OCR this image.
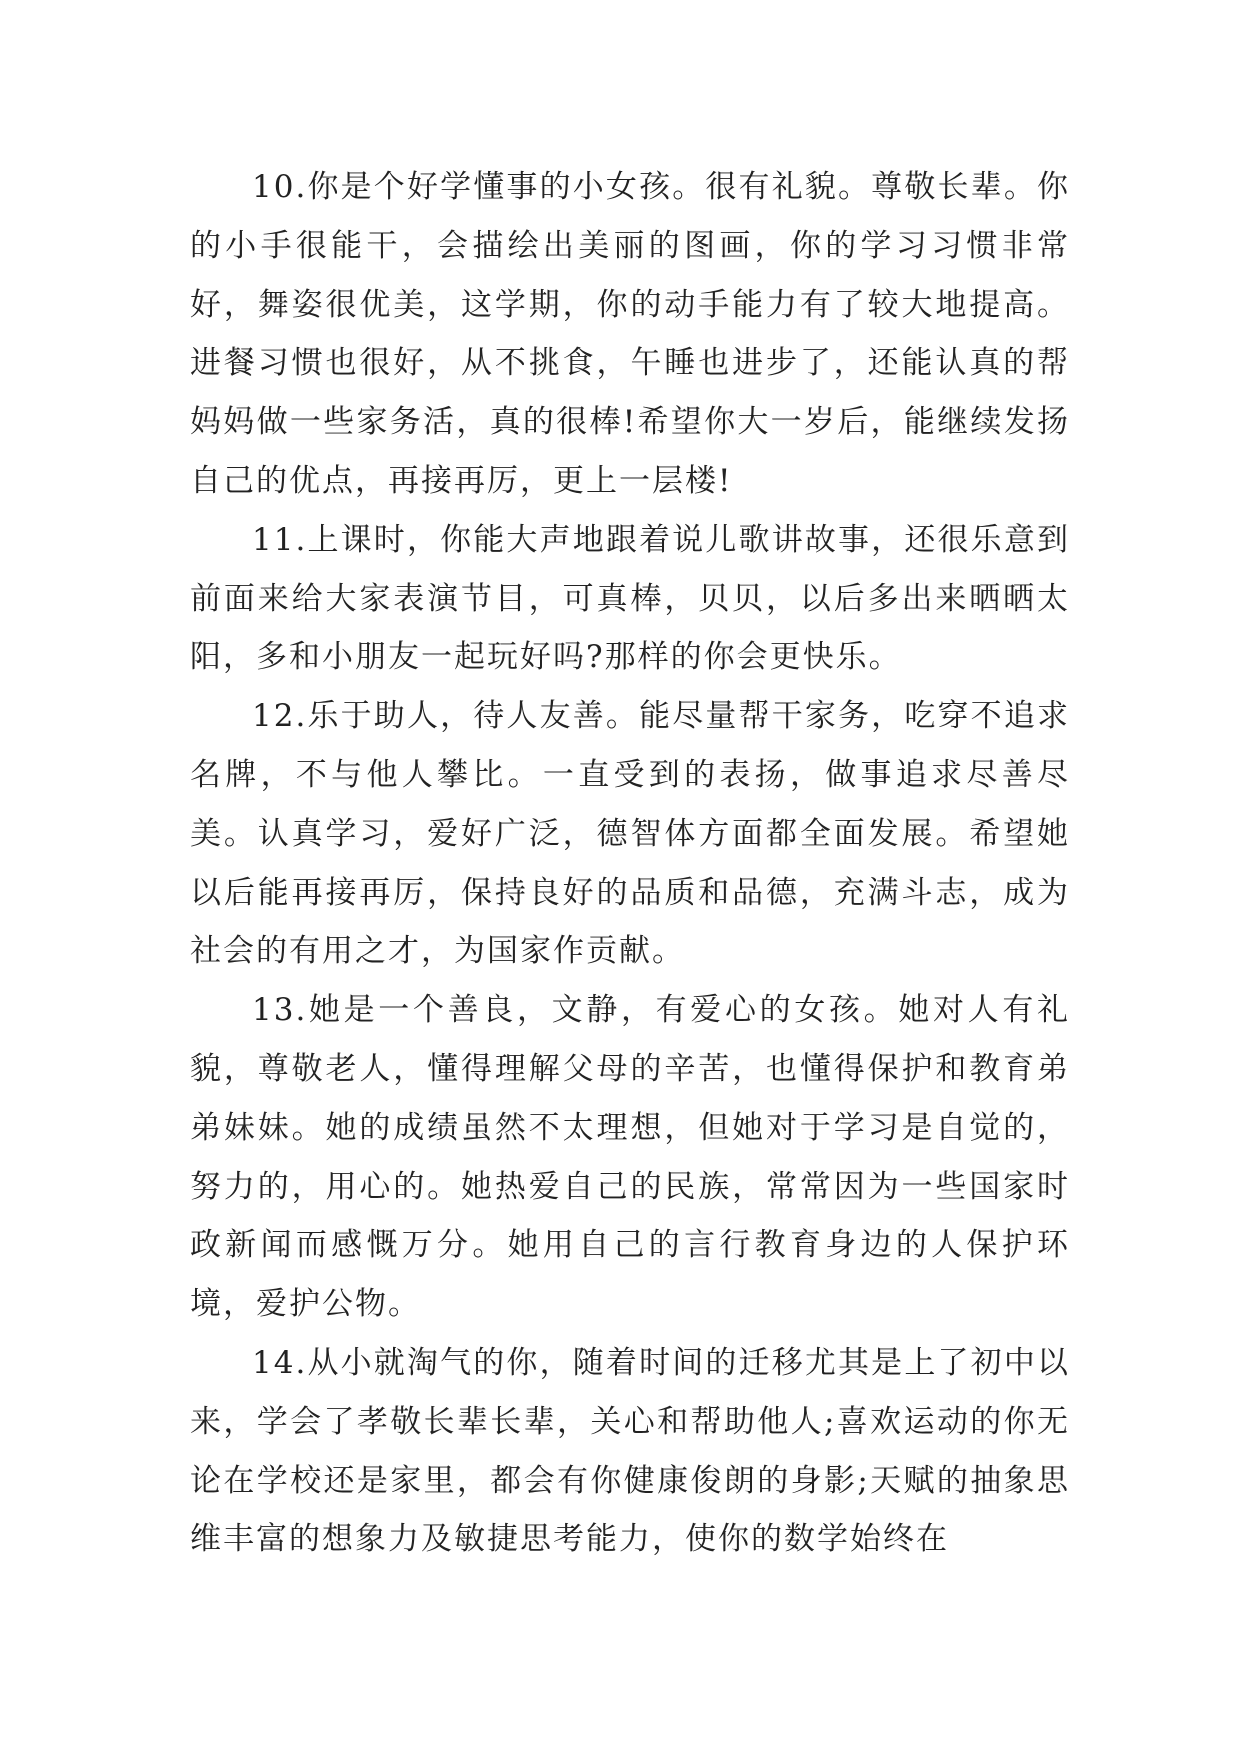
10.你是个好学懂事的小女孩。很有礼貌。尊敬长辈。你的小手很能干，会描绘出美丽的图画，你的学习习惯非常好，舞姿很优美，这学期，你的动手能力有了较大地提高。进餐习惯也很好，从不挑食，午睡也进步了，还能认真的帮妈妈做一些家务活，真的很棒!希望你大一岁后，能继续发扬自己的优点，再接再厉，更上一层楼!

11.上课时，你能大声地跟着说儿歌讲故事，还很乐意到前面来给大家表演节目，可真棒，贝贝，以后多出来晒晒太阳，多和小朋友一起玩好吗?那样的你会更快乐。

12.乐于助人，待人友善。能尽量帮干家务，吃穿不追求名牌，不与他人攀比。一直受到的表扬，做事追求尽善尽美。认真学习，爱好广泛，德智体方面都全面发展。希望她以后能再接再厉，保持良好的品质和品德，充满斗志，成为社会的有用之才，为国家作贡献。

13.她是一个善良，文静，有爱心的女孩。她对人有礼貌，尊敬老人，懂得理解父母的辛苦，也懂得保护和教育弟弟妹妹。她的成绩虽然不太理想，但她对于学习是自觉的，努力的，用心的。她热爱自己的民族，常常因为一些国家时政新闻而感慨万分。她用自己的言行教育身边的人保护环境，爱护公物。

14.从小就淘气的你，随着时间的迁移尤其是上了初中以来，学会了孝敬长辈长辈，关心和帮助他人;喜欢运动的你无论在学校还是家里，都会有你健康俊朗的身影;天赋的抽象思维丰富的想象力及敏捷思考能力，使你的数学始终在
